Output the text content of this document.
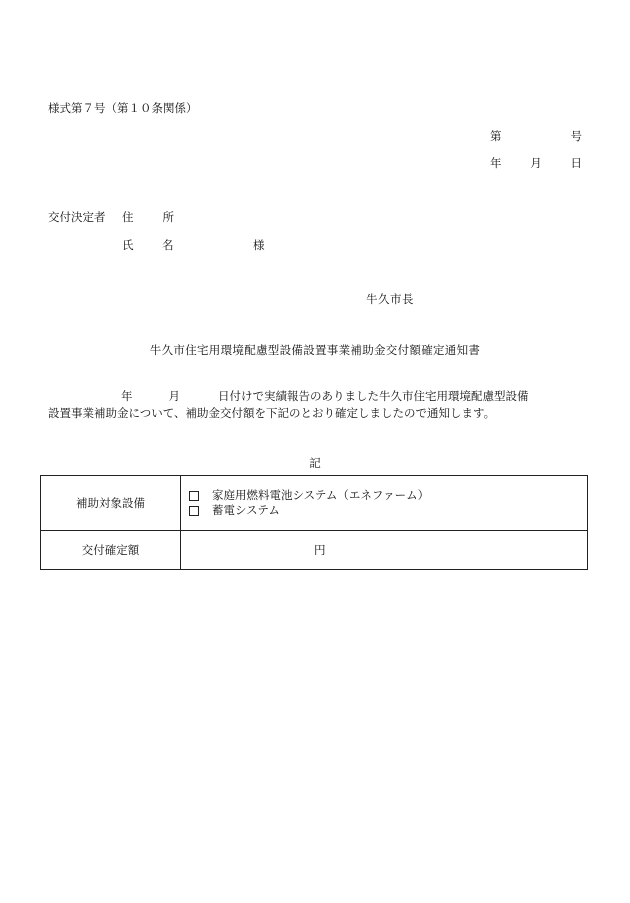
様式第７号（第１０条関係）
第	号
年	月	日
交付決定者 住	所
氏 名	様
牛久市長
牛久市住宅用環境配慮型設備設置事業補助金交付額確定通知書
年	月	日付けで実績報告のありました牛久市住宅用環境配慮型設備
設置事業補助金について、補助金交付額を下記のとおり確定しましたので通知します。
記
補助対象設備	家庭用燃料電池システム（エネファーム）
蓄電システム

交付確定額	円
